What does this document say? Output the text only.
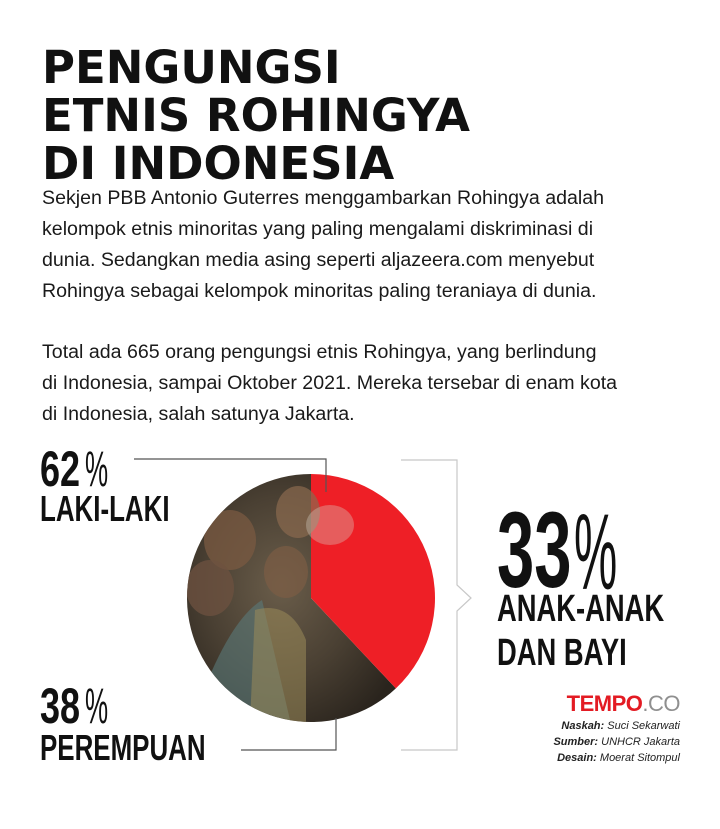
PENGUNGSI
ETNIS ROHINGYA
DI INDONESIA

Sekjen PBB Antonio Guterres menggambarkan Rohingya adalah
kelompok etnis minoritas yang paling mengalami diskriminasi di
dunia. Sedangkan media asing seperti aljazeera.com menyebut
Rohingya sebagai kelompok minoritas paling teraniaya di dunia.

Total ada 665 orang pengungsi etnis Rohingya, yang berlindung
di Indonesia, sampai Oktober 2021. Mereka tersebar di enam kota
di Indonesia, salah satunya Jakarta.

62 %
LAKI-LAKI
38 %
PEREMPUAN
33 %
ANAK-ANAK
DAN BAYI
TEMPO.CO
Naskah: Suci Sekarwati
Sumber: UNHCR Jakarta
Desain: Moerat Sitompul
